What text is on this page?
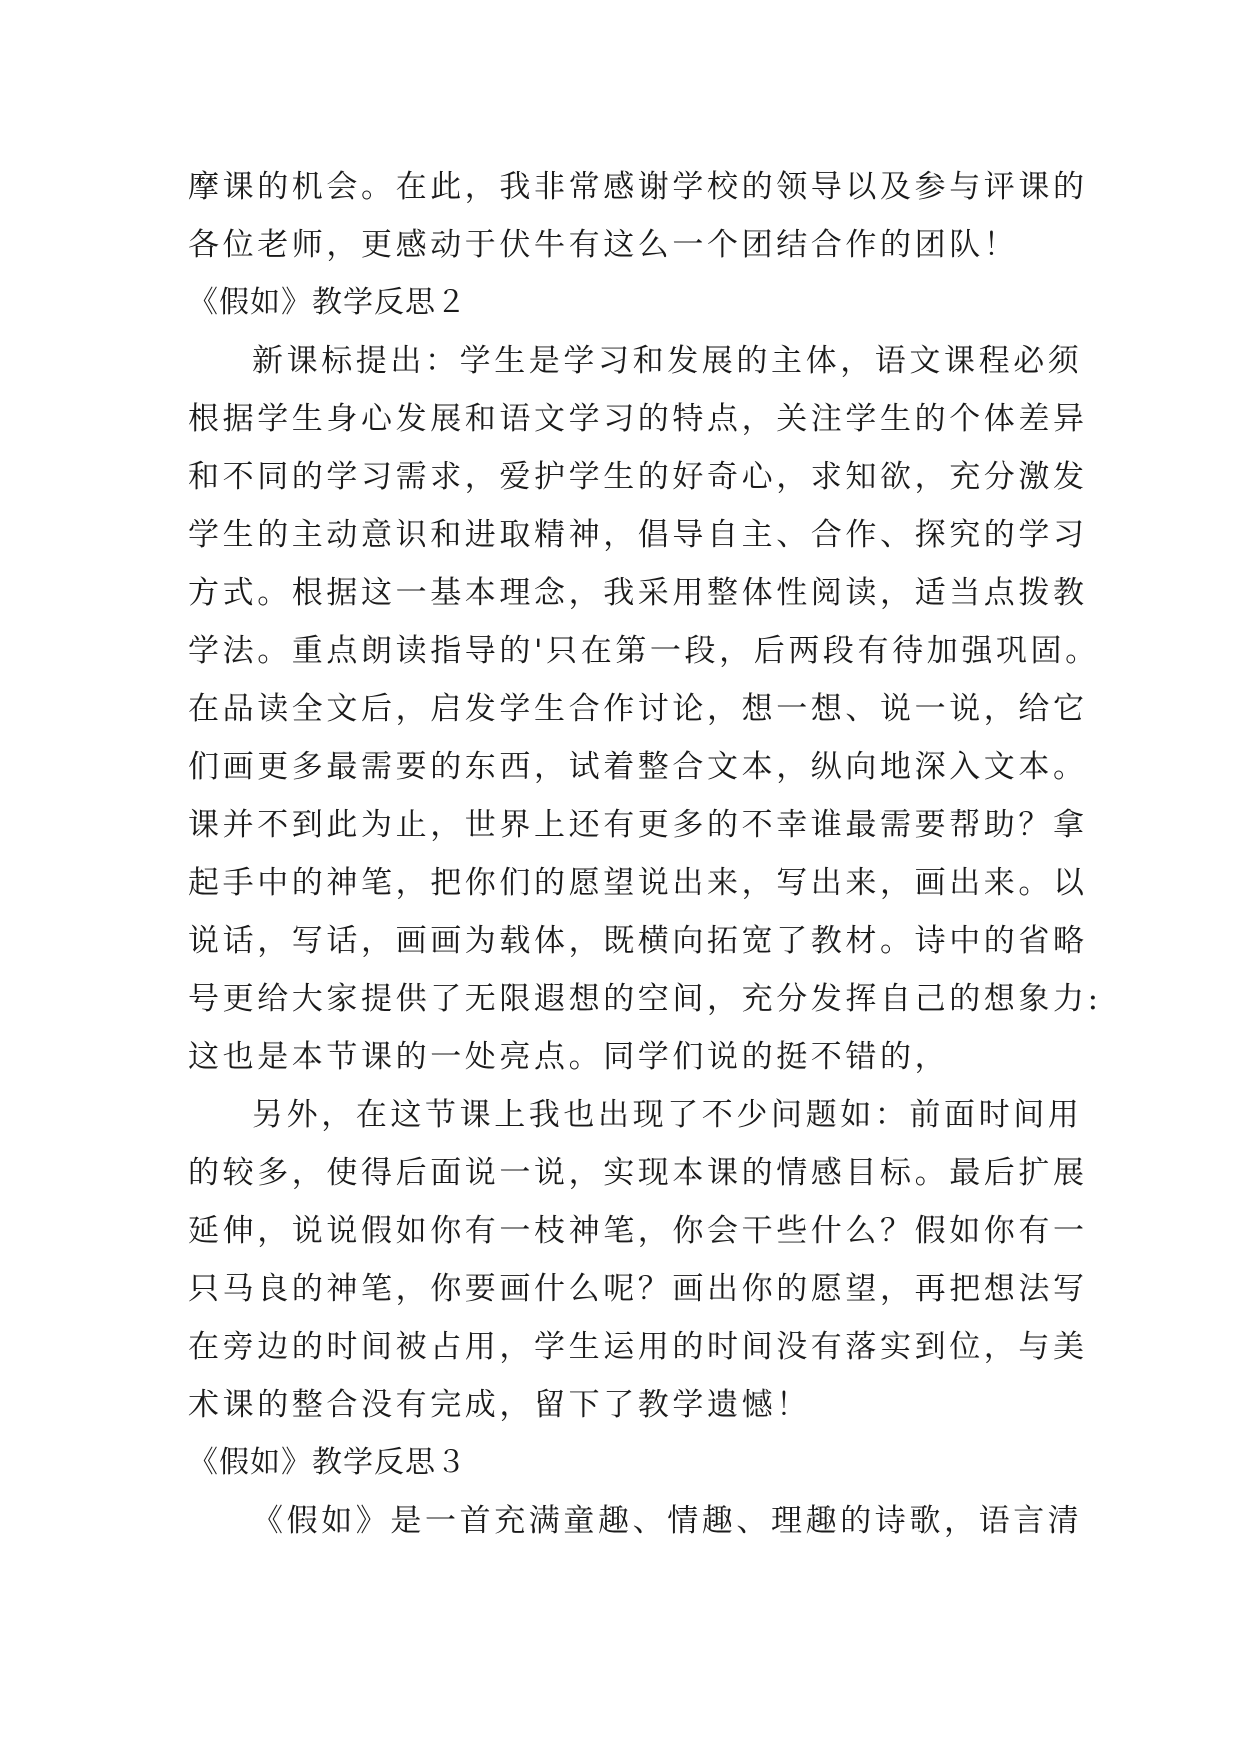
摩课的机会。在此，我非常感谢学校的领导以及参与评课的
各位老师，更感动于伏牛有这么一个团结合作的团队！
《假如》教学反思２
新课标提出：学生是学习和发展的主体，语文课程必须
根据学生身心发展和语文学习的特点，关注学生的个体差异
和不同的学习需求，爱护学生的好奇心，求知欲，充分激发
学生的主动意识和进取精神，倡导自主、合作、探究的学习
方式。根据这一基本理念，我采用整体性阅读，适当点拨教
学法。重点朗读指导的'只在第一段，后两段有待加强巩固。
在品读全文后，启发学生合作讨论，想一想、说一说，给它
们画更多最需要的东西，试着整合文本，纵向地深入文本。
课并不到此为止，世界上还有更多的不幸谁最需要帮助？拿
起手中的神笔，把你们的愿望说出来，写出来，画出来。以
说话，写话，画画为载体，既横向拓宽了教材。诗中的省略
号更给大家提供了无限遐想的空间，充分发挥自己的想象力:
这也是本节课的一处亮点。同学们说的挺不错的，
另外，在这节课上我也出现了不少问题如：前面时间用
的较多，使得后面说一说，实现本课的情感目标。最后扩展
延伸，说说假如你有一枝神笔，你会干些什么？假如你有一
只马良的神笔，你要画什么呢？画出你的愿望，再把想法写
在旁边的时间被占用，学生运用的时间没有落实到位，与美
术课的整合没有完成，留下了教学遗憾！
《假如》教学反思３
《假如》是一首充满童趣、情趣、理趣的诗歌，语言清
